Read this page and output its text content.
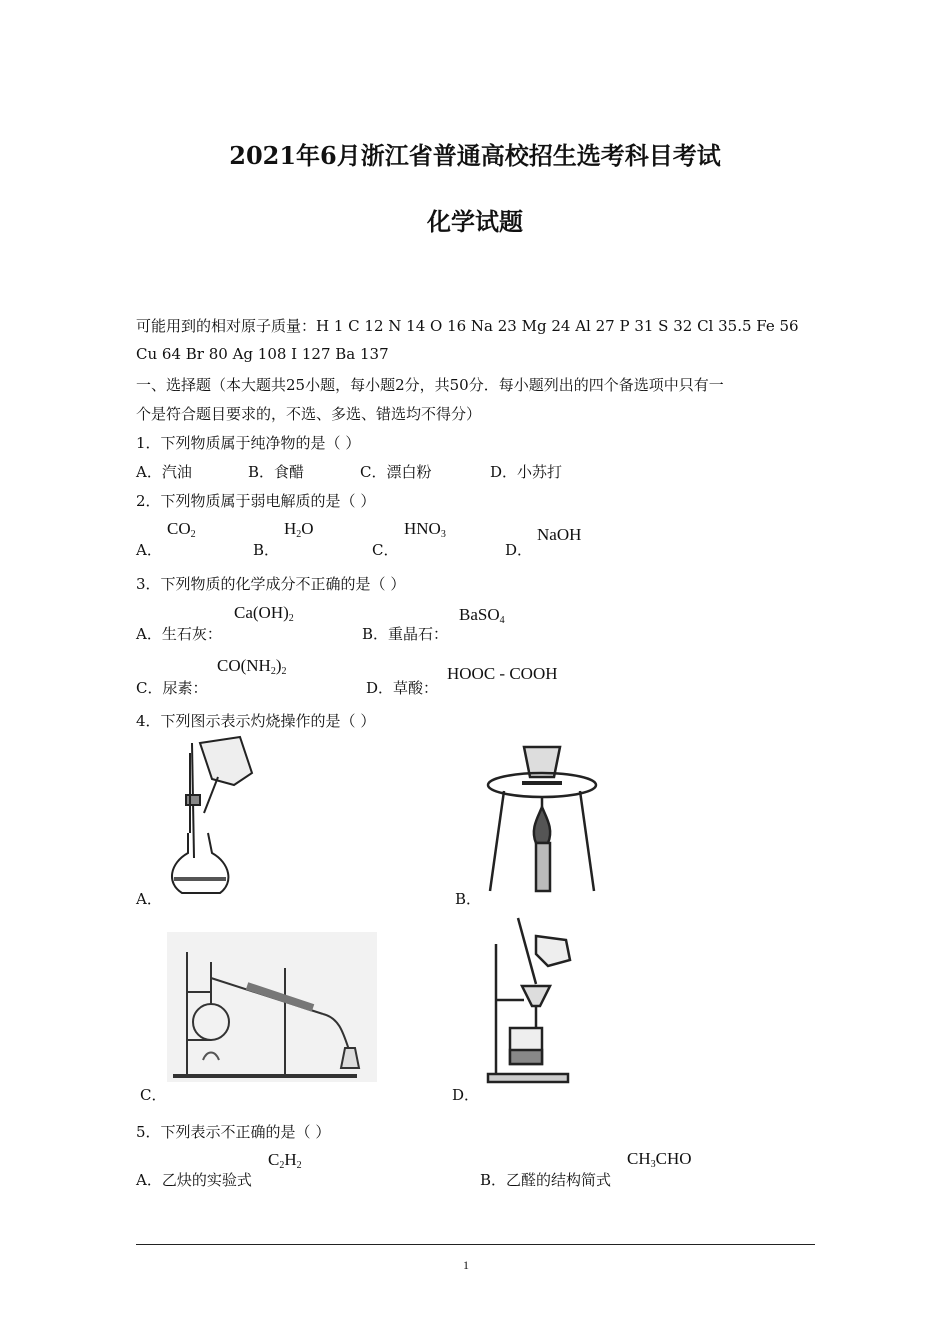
2021年6月浙江省普通高校招生选考科目考试
化学试题
可能用到的相对原子质量：H 1 C 12 N 14 O 16 Na 23 Mg 24 Al 27 P 31 S 32 Cl 35.5 Fe 56
Cu 64 Br 80 Ag 108 I 127 Ba 137
一、选择题（本大题共25小题，每小题2分，共50分．每小题列出的四个备选项中只有一
个是符合题目要求的，不选、多选、错选均不得分）
1．下列物质属于纯净物的是（ ）
A．汽油	B．食醋	C．漂白粉	D．小苏打
2．下列物质属于弱电解质的是（ ）
A．
$CO_2$
B．
$H_2O$
C．
$HNO_3$
D．
NaOH
3．下列物质的化学成分不正确的是（ ）
A．生石灰：
$Ca(OH)_2$
B．重晶石：
BaSO$_4$
C．尿素：
$CO(NH_2)_2$
D．草酸：
HOOC - COOH
4．下列图示表示灼烧操作的是（ ）
A．	B．
C．	D．
5．下列表示不正确的是（ ）
A．乙炔的实验式
$C_2H_2$
B．乙醛的结构简式
$CH_3CHO$
1
